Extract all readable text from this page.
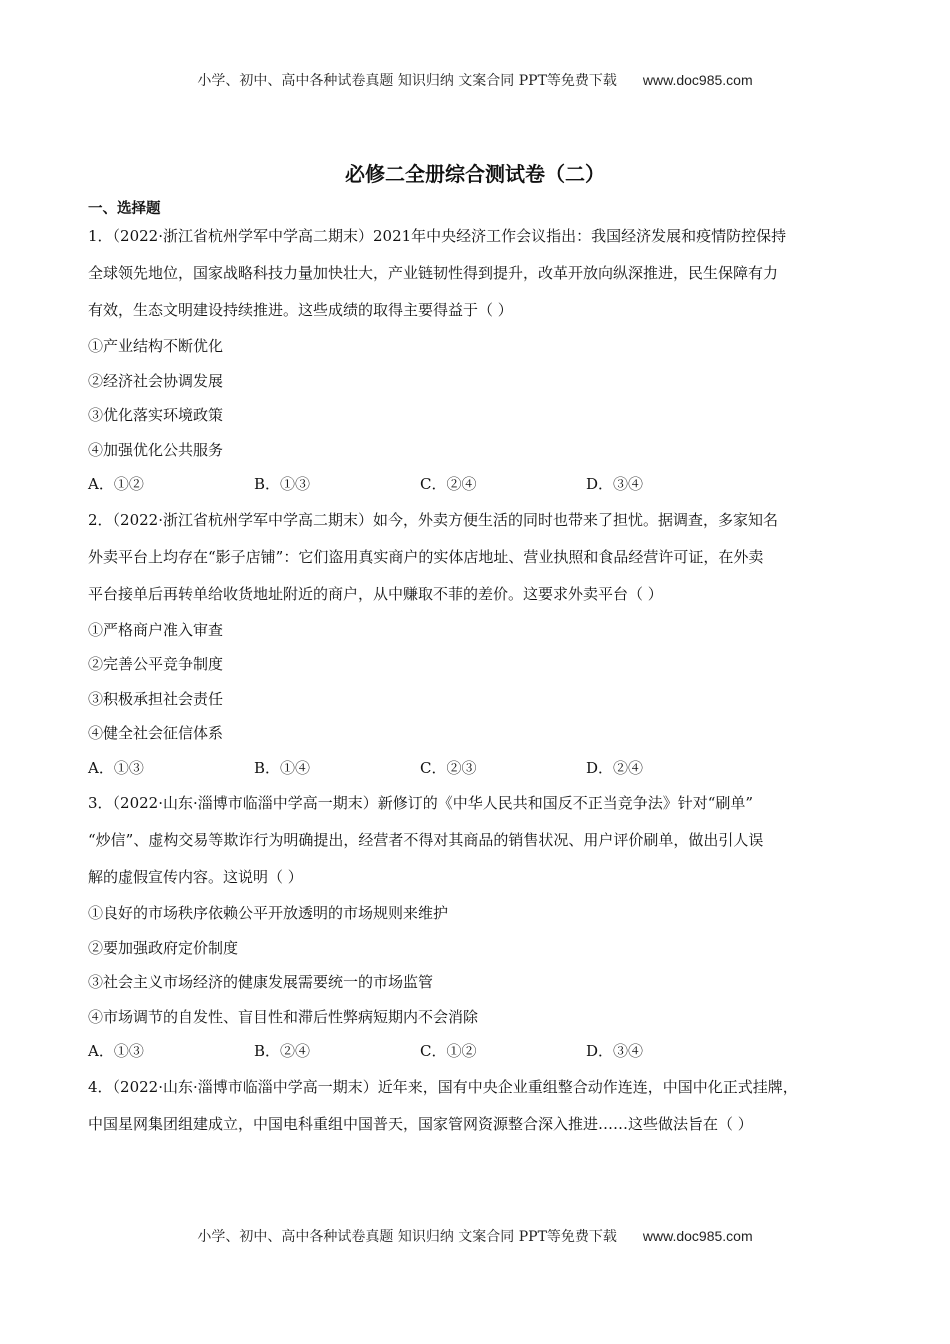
小学、初中、高中各种试卷真题 知识归纳 文案合同 PPT等免费下载 www.doc985.com
必修二全册综合测试卷（二）
一、选择题
1．（2022·浙江省杭州学军中学高二期末）2021年中央经济工作会议指出：我国经济发展和疫情防控保持
全球领先地位，国家战略科技力量加快壮大，产业链韧性得到提升，改革开放向纵深推进，民生保障有力
有效，生态文明建设持续推进。这些成绩的取得主要得益于（ ）
①产业结构不断优化
②经济社会协调发展
③优化落实环境政策
④加强优化公共服务
A．①②	B．①③	C．②④	D．③④
2．（2022·浙江省杭州学军中学高二期末）如今，外卖方便生活的同时也带来了担忧。据调查，多家知名
外卖平台上均存在“影子店铺”：它们盗用真实商户的实体店地址、营业执照和食品经营许可证，在外卖
平台接单后再转单给收货地址附近的商户，从中赚取不菲的差价。这要求外卖平台（ ）
①严格商户准入审查
②完善公平竞争制度
③积极承担社会责任
④健全社会征信体系
A．①③	B．①④	C．②③	D．②④
3．（2022·山东·淄博市临淄中学高一期末）新修订的《中华人民共和国反不正当竞争法》针对“刷单”
“炒信”、虚构交易等欺诈行为明确提出，经营者不得对其商品的销售状况、用户评价刷单，做出引人误
解的虚假宣传内容。这说明（ ）
①良好的市场秩序依赖公平开放透明的市场规则来维护
②要加强政府定价制度
③社会主义市场经济的健康发展需要统一的市场监管
④市场调节的自发性、盲目性和滞后性弊病短期内不会消除
A．①③	B．②④	C．①②	D．③④
4．（2022·山东·淄博市临淄中学高一期末）近年来，国有中央企业重组整合动作连连，中国中化正式挂牌，
中国星网集团组建成立，中国电科重组中国普天，国家管网资源整合深入推进……这些做法旨在（ ）
小学、初中、高中各种试卷真题 知识归纳 文案合同 PPT等免费下载 www.doc985.com
